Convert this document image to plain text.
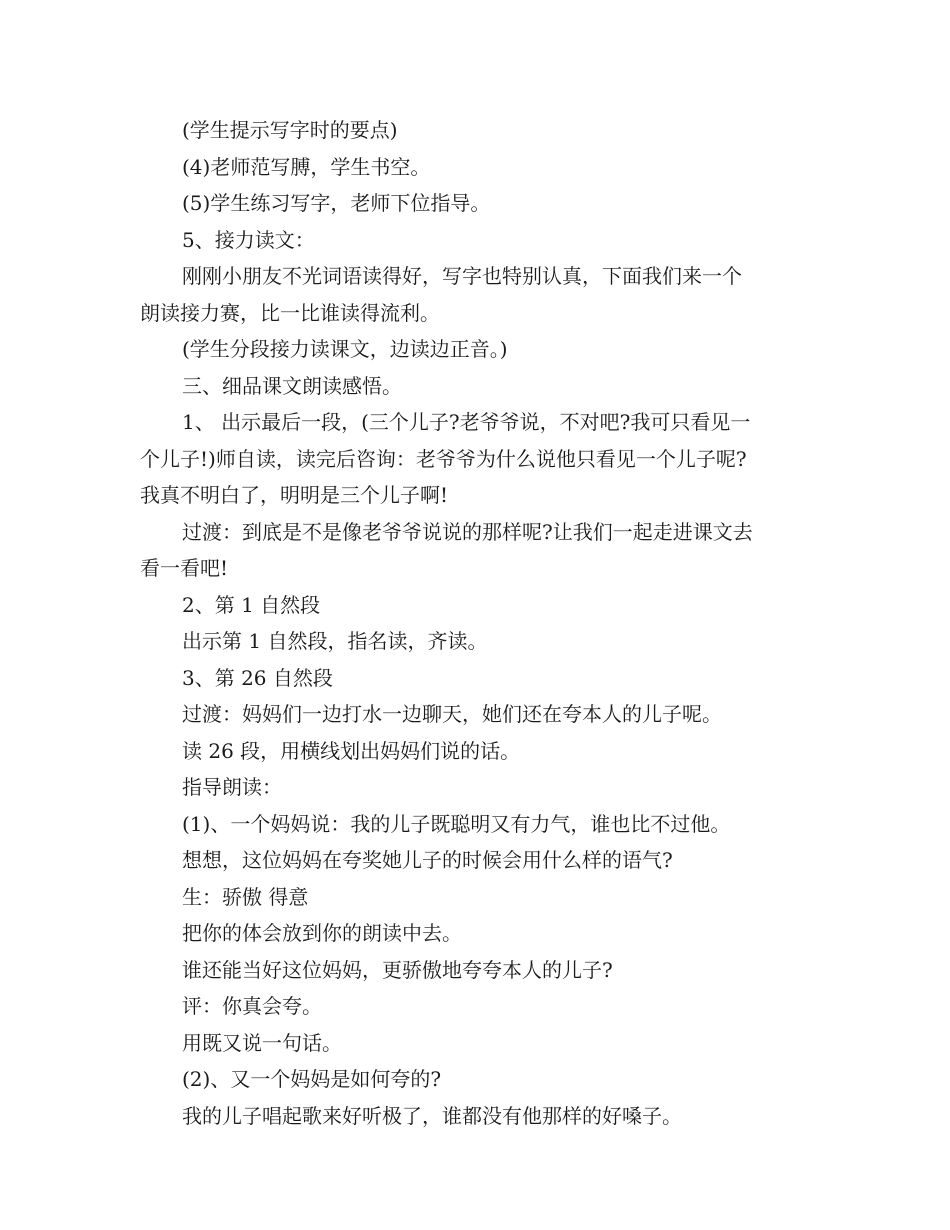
(学生提示写字时的要点)
(4)老师范写膊，学生书空。
(5)学生练习写字，老师下位指导。
5、接力读文：
刚刚小朋友不光词语读得好，写字也特别认真，下面我们来一个
朗读接力赛，比一比谁读得流利。
(学生分段接力读课文，边读边正音。)
三、细品课文朗读感悟。
1、 出示最后一段，(三个儿子?老爷爷说，不对吧?我可只看见一
个儿子!)师自读，读完后咨询：老爷爷为什么说他只看见一个儿子呢?
我真不明白了，明明是三个儿子啊!
过渡：到底是不是像老爷爷说说的那样呢?让我们一起走进课文去
看一看吧!
2、第 1 自然段
出示第 1 自然段，指名读，齐读。
3、第 26 自然段
过渡：妈妈们一边打水一边聊天，她们还在夸本人的儿子呢。
读 26 段，用横线划出妈妈们说的话。
指导朗读：
(1)、一个妈妈说：我的儿子既聪明又有力气，谁也比不过他。
想想，这位妈妈在夸奖她儿子的时候会用什么样的语气?
生：骄傲 得意
把你的体会放到你的朗读中去。
谁还能当好这位妈妈，更骄傲地夸夸本人的儿子?
评：你真会夸。
用既又说一句话。
(2)、又一个妈妈是如何夸的?
我的儿子唱起歌来好听极了，谁都没有他那样的好嗓子。
